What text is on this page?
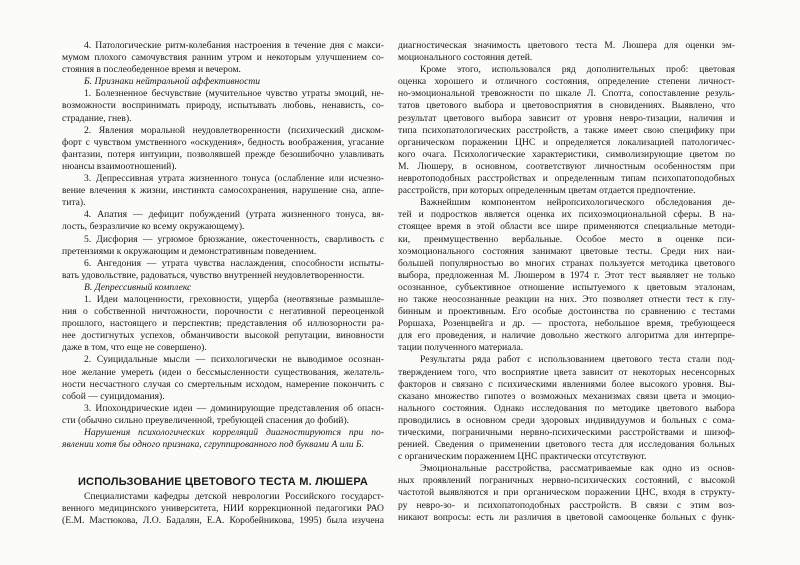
4. Патологические ритм-колебания настроения в течение дня с макси-
мумом плохого самочувствия ранним утром и некоторым улучшением со-
стояния в послеобеденное время и вечером.

Б. Признаки нейтральной аффективности

1. Болезненное бесчувствие (мучительное чувство утраты эмоций, не-
возможности воспринимать природу, испытывать любовь, ненависть, со-
страдание, гнев).
2. Явления моральной неудовлетворенности (психический диском-
форт с чувством умственного «оскудения», бедность воображения, угасание
фантазии, потеря интуиции, позволявшей прежде безошибочно улавливать
нюансы взаимоотношений).
3. Депрессивная утрата жизненного тонуса (ослабление или исчезно-
вение влечения к жизни, инстинкта самосохранения, нарушение сна, аппе-
тита).
4. Апатия — дефицит побуждений (утрата жизненного тонуса, вя-
лость, безразличие ко всему окружающему).
5. Дисфория — угрюмое брюзжание, ожесточенность, сварливость с
претензиями к окружающим и демонстративным поведением.
6. Ангедония — утрата чувства наслаждения, способности испыты-
вать удовольствие, радоваться, чувство внутренней неудовлетворенности.

В. Депрессивный комплекс

1. Идеи малоценности, греховности, ущерба (неотвязные размышле-
ния о собственной ничтожности, порочности с негативной переоценкой
прошлого, настоящего и перспектив; представления об иллюзорности ра-
нее достигнутых успехов, обманчивости высокой репутации, виновности
даже в том, что еще не совершено).
2. Суицидальные мысли — психологически не выводимое осознан-
ное желание умереть (идеи о бессмысленности существования, желатель-
ности несчастного случая со смертельным исходом, намерение покончить с
собой — суицидомания).
3. Ипохондрические идеи — доминирующие представления об опасн-
сти (обычно сильно преувеличенной, требующей спасения до фобий).
Нарушения психологических корреляций диагностируются при по-
явлении хотя бы одного признака, сгруппированного под буквами А или Б.
ИСПОЛЬЗОВАНИЕ ЦВЕТОВОГО ТЕСТА М. ЛЮШЕРА
Специалистами кафедры детской неврологии Российского государст-
венного медицинского университета, НИИ коррекционной педагогики РАО
(Е.М. Мастюкова, Л.О. Бадалян, Е.А. Коробейникова, 1995) была изучена
диагностическая значимость цветового теста М. Люшера для оценки эм-
моционального состояния детей.
Кроме этого, использовался ряд дополнительных проб: цветовая
оценка хорошего и отличного состояния, определение степени личност-
но-эмоциональной тревожности по шкале Л. Спотта, сопоставление резуль-
татов цветового выбора и цветовосприятия в сновидениях. Выявлено, что
результат цветового выбора зависит от уровня невро-тизации, наличия и
типа психопатологических расстройств, а также имеет свою специфику при
органическом поражении ЦНС и определяется локализацией патологичес-
кого очага. Психологические характеристики, символизирующие цветом по
М. Люшеру, в основном, соответствуют личностным особенностям при
невротоподобных расстройствах и определенным типам психопатоподобных
расстройств, при которых определенным цветам отдается предпочтение.
Важнейшим компонентом нейропсихологического обследования де-
тей и подростков является оценка их психоэмоциональной сферы. В на-
стоящее время в этой области все шире применяются специальные методи-
ки, преимущественно вербальные. Особое место в оценке пси-
хоэмоционального состояния занимают цветовые тесты. Среди них наи-
большей популярностью во многих странах пользуется методика цветового
выбора, предложенная М. Люшером в 1974 г. Этот тест выявляет не только
осознанное, субъективное отношение испытуемого к цветовым эталонам,
но также неосознанные реакции на них. Это позволяет отнести тест к глу-
бинным и проективным. Его особые достоинства по сравнению с тестами
Роршаха, Розенцвейга и др. — простота, небольшое время, требующееся
для его проведения, и наличие довольно жесткого алгоритма для интерпре-
тации полученного материала.
Результаты ряда работ с использованием цветового теста стали под-
тверждением того, что восприятие цвета зависит от некоторых несенсорных
факторов и связано с психическими явлениями более высокого уровня. Вы-
сказано множество гипотез о возможных механизмах связи цвета и эмоцио-
нального состояния. Однако исследования по методике цветового выбора
проводились в основном среди здоровых индивидуумов и больных с сома-
тическими, пограничными нервно-психическими расстройствами и шизоф-
ренией. Сведения о применении цветового теста для исследования больных
с органическим поражением ЦНС практически отсутствуют.
Эмоциональные расстройства, рассматриваемые как одно из основ-
ных проявлений пограничных нервно-психических состояний, с высокой
частотой выявляются и при органическом поражении ЦНС, входя в структу-
ру невро-зо- и психопатоподобных расстройств. В связи с этим воз-
никают вопросы: есть ли различия в цветовой самооценке больных с функ-
